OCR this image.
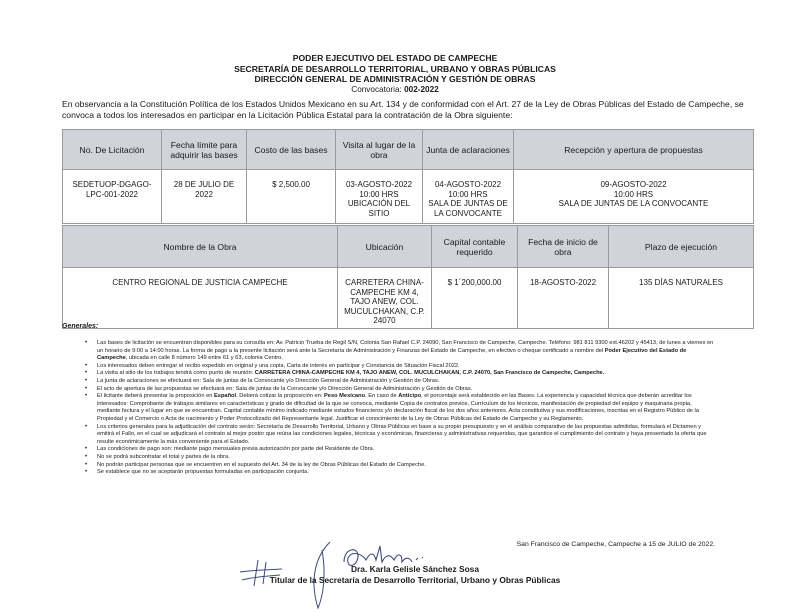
PODER EJECUTIVO DEL ESTADO DE CAMPECHE
SECRETARÍA DE DESARROLLO TERRITORIAL, URBANO Y OBRAS PÚBLICAS
DIRECCIÓN GENERAL DE ADMINISTRACIÓN Y GESTIÓN DE OBRAS
Convocatoria: 002-2022
En observancia a la Constitución Política de los Estados Unidos Mexicano en su Art. 134 y de conformidad con el Art. 27 de la Ley de Obras Públicas del Estado de Campeche, se convoca a todos los interesados en participar en la Licitación Pública Estatal para la contratación de la Obra siguiente:
No. De Licitación	Fecha límite para adquirir las bases	Costo de las bases	Visita al lugar de la obra	Junta de aclaraciones	Recepción y apertura de propuestas
SEDETUOP-DGAGO-LPC-001-2022	28 DE JULIO DE 2022	$ 2,500.00	03-AGOSTO-2022
10:00 HRS
UBICACIÓN DEL SITIO	04-AGOSTO-2022
10:00 HRS
SALA DE JUNTAS DE LA CONVOCANTE	09-AGOSTO-2022
10:00 HRS
SALA DE JUNTAS DE LA CONVOCANTE
Nombre de la Obra	Ubicación	Capital contable requerido	Fecha de inicio de obra	Plazo de ejecución
CENTRO REGIONAL DE JUSTICIA CAMPECHE	CARRETERA CHINA-CAMPECHE KM 4, TAJO ANEW, COL. MUCULCHAKAN, C.P. 24070	$ 1´200,000.00	18-AGOSTO-2022	135 DÍAS NATURALES
Generales:
• Las bases de licitación se encuentran disponibles para su consulta en: Av. Patricio Trueba de Regil S/N, Colonia San Rafael C.P. 24090, San Francisco de Campeche, Campeche. Teléfono: 981 811 9300 ext.46202 y 45413, de lunes a viernes en un horario de 9:00 a 14:00 horas. La forma de pago a la presente licitación será ante la Secretaría de Administración y Finanzas del Estado de Campeche, en efectivo o cheque certificado a nombre del Poder Ejecutivo del Estado de Campeche, ubicada en calle 8 número 149 entre 61 y 63, colonia Centro.
• Los interesados deben entregar el recibo expedido en original y una copia, Carta de interés en participar y Constancia de Situación Fiscal 2022.
• La visita al sitio de los trabajos tendrá como punto de reunión: CARRETERA CHINA-CAMPECHE KM 4, TAJO ANEW, COL. MUCULCHAKAN, C.P. 24070, San Francisco de Campeche, Campeche.
• La junta de aclaraciones se efectuará en: Sala de juntas de la Convocante y/o Dirección General de Administración y Gestión de Obras.
• El acto de apertura de las propuestas se efectuará en: Sala de juntas de la Convocante y/o Dirección General de Administración y Gestión de Obras.
• El licitante deberá presentar la proposición en Español. Deberá cotizar la proposición en: Peso Mexicano. En caso de Anticipo, el porcentaje será establecido en las Bases. La experiencia y capacidad técnica que deberán acreditar los interesados: Comprobante de trabajos similares en características y grado de dificultad de la que se convoca, mediante Copia de contratos previos, Currículum de los técnicos, manifestación de propiedad del equipo y maquinaria propia, mediante factura y el lugar en que se encuentran. Capital contable mínimo indicado mediante estados financieros y/o declaración fiscal de los dos años anteriores. Acta constitutiva y sus modificaciones, inscritas en el Registro Público de la Propiedad y el Comercio o Acta de nacimiento y Poder Protocolizado del Representante legal. Justificar el conocimiento de la Ley de Obras Públicas del Estado de Campeche y su Reglamento.
• Los criterios generales para la adjudicación del contrato serán: Secretaría de Desarrollo Territorial, Urbano y Obras Públicas en base a su propio presupuesto y en el análisis comparativo de las propuestas admitidas, formulará el Dictamen y emitirá el Fallo, en el cual se adjudicará el contrato al mejor postor que reúna las condiciones legales, técnicas y económicas, financieras y administrativas requeridas, que garantice el cumplimiento del contrato y haya presentado la oferta que resulte económicamente la más conveniente para el Estado.
• Las condiciones de pago son: mediante pago mensuales previa autorización por parte del Residente de Obra.
• No se podrá subcontratar el total y partes de la obra.
• No podrán participar personas que se encuentren en el supuesto del Art. 34 de la ley de Obras Públicas del Estado de Campeche.
• Se establece que no se aceptarán propuestas formuladas en participación conjunta.
San Francisco de Campeche, Campeche a 15 de JULIO de 2022.
Dra. Karla Gelisle Sánchez Sosa
Titular de la Secretaría de Desarrollo Territorial, Urbano y Obras Públicas
